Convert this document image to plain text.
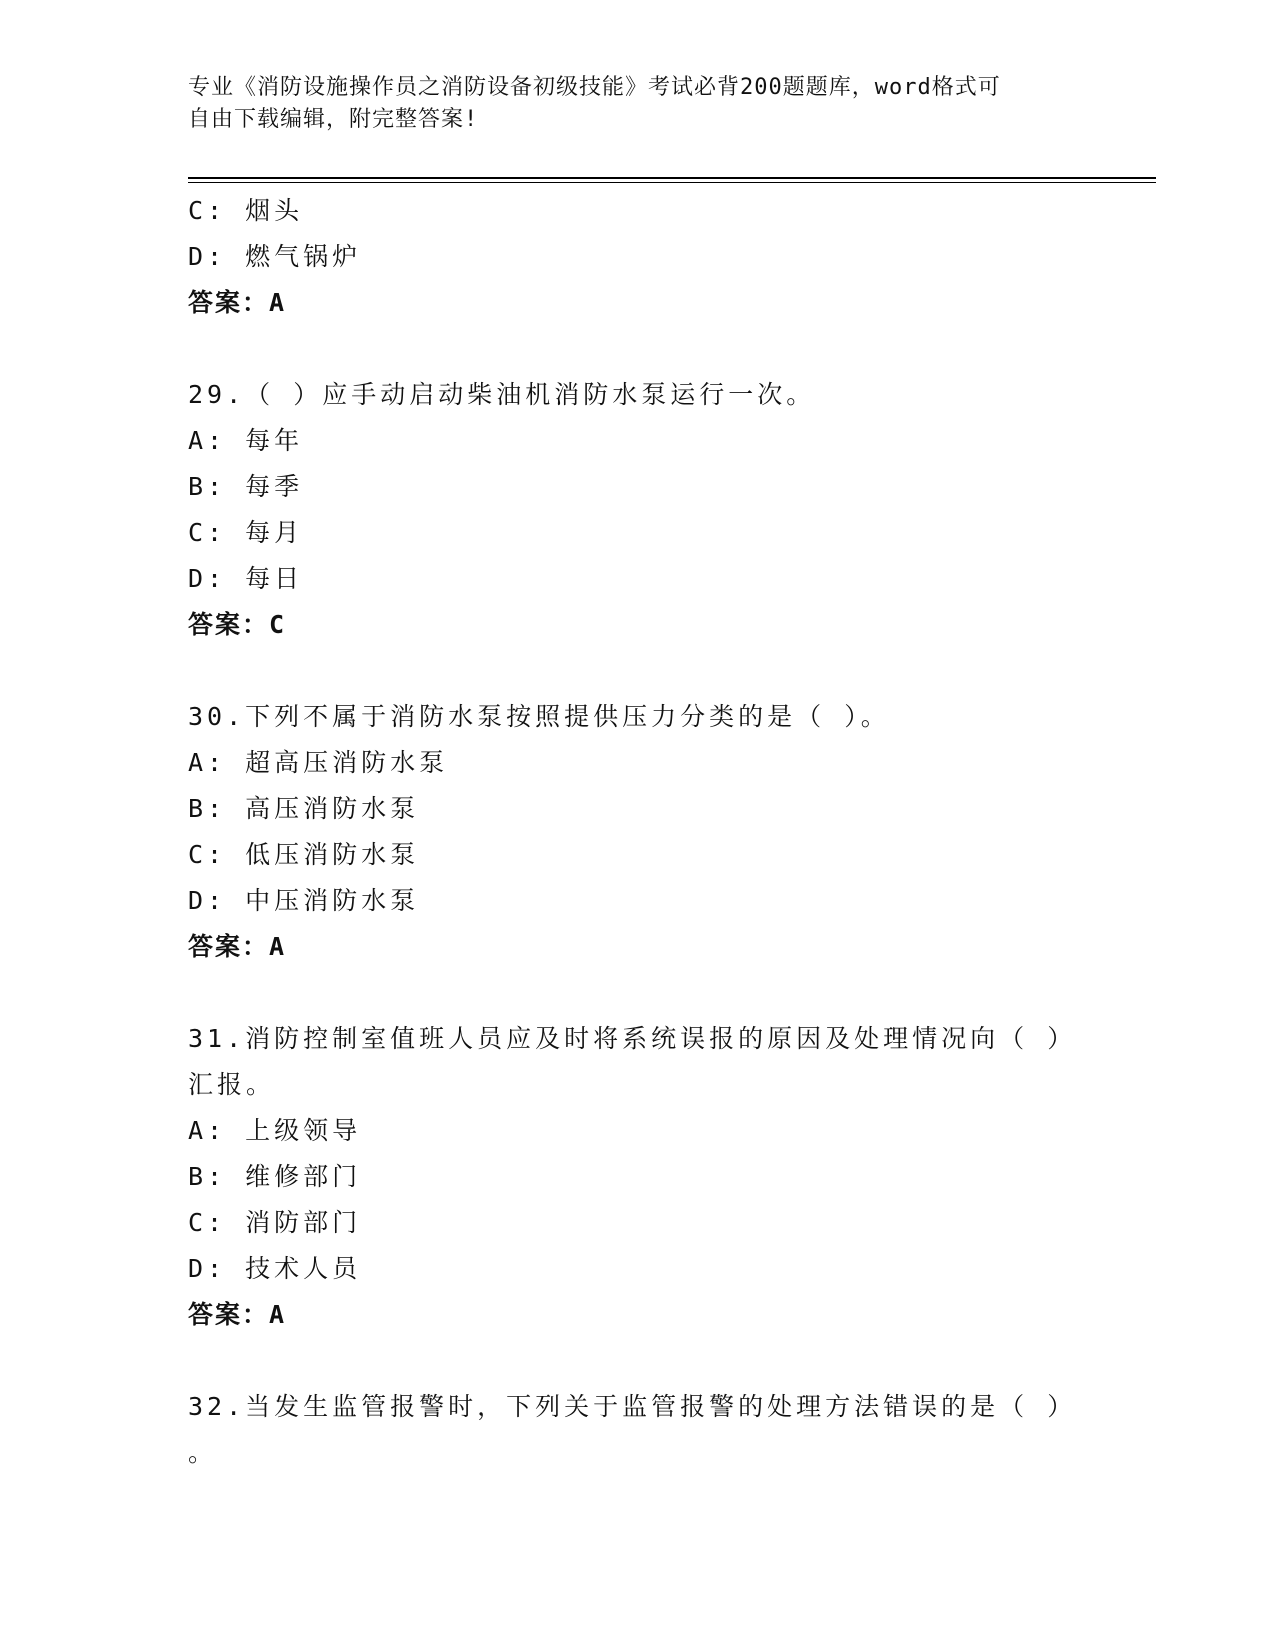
专业《消防设施操作员之消防设备初级技能》考试必背200题题库，word格式可
自由下载编辑，附完整答案!
C: 烟头
D: 燃气锅炉
答案：A
29.（ ）应手动启动柴油机消防水泵运行一次。
A: 每年
B: 每季
C: 每月
D: 每日
答案：C
30.下列不属于消防水泵按照提供压力分类的是（ ）。
A: 超高压消防水泵
B: 高压消防水泵
C: 低压消防水泵
D: 中压消防水泵
答案：A
31.消防控制室值班人员应及时将系统误报的原因及处理情况向（ ）
汇报。
A: 上级领导
B: 维修部门
C: 消防部门
D: 技术人员
答案：A
32.当发生监管报警时，下列关于监管报警的处理方法错误的是（ ）
。
